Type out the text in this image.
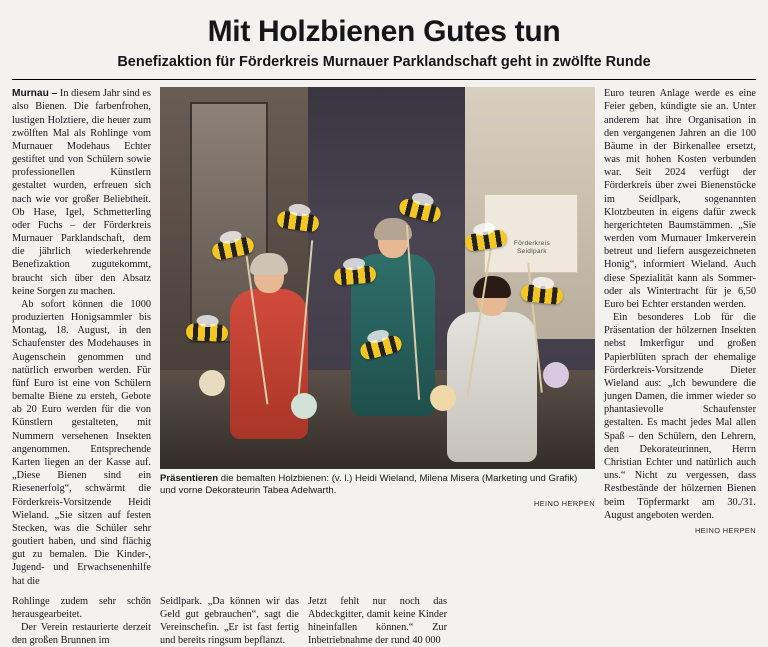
Mit Holzbienen Gutes tun
Benefizaktion für Förderkreis Murnauer Parklandschaft geht in zwölfte Runde

Murnau – In diesem Jahr sind es also Bienen. Die farbenfrohen, lustigen Holztiere, die heuer zum zwölften Mal als Rohlinge vom Murnauer Modehaus Echter gestiftet und von Schülern sowie professionellen Künstlern gestaltet wurden, erfreuen sich nach wie vor großer Beliebtheit. Ob Hase, Igel, Schmetterling oder Fuchs – der Förderkreis Murnauer Parklandschaft, dem die jährlich wiederkehrende Benefizaktion zugutekommt, braucht sich über den Absatz keine Sorgen zu machen.

Ab sofort können die 1000 produzierten Honigsammler bis Montag, 18. August, in den Schaufenster des Modehauses in Augenschein genommen und natürlich erworben werden. Für fünf Euro ist eine von Schülern bemalte Biene zu ersteh, Gebote ab 20 Euro werden für die von Künstlern gestalteten, mit Nummern versehenen Insekten angenommen. Entsprechende Karten liegen an der Kasse auf. „Diese Bienen sind ein Riesenerfolg“, schwärmt die Förderkreis-Vorsitzende Heidi Wieland. „Sie sitzen auf festen Stecken, was die Schüler sehr goutiert haben, und sind flächig gut zu bemalen. Die Kinder-, Jugend- und Erwachsenenhilfe hat die

Förderkreis
Seidlpark
Präsentieren die bemalten Holzbienen: (v. l.) Heidi Wieland, Milena Misera (Marketing und Grafik) und vorne Dekorateurin Tabea Adelwarth.
HEINO HERPEN

Euro teuren Anlage werde es eine Feier geben, kündigte sie an. Unter anderem hat ihre Organisation in den vergangenen Jahren an die 100 Bäume in der Birkenallee ersetzt, was mit hohen Kosten verbunden war. Seit 2024 verfügt der Förderkreis über zwei Bienenstöcke im Seidlpark, sogenannten Klotzbeuten in eigens dafür zweck hergerichteten Baumstämmen. „Sie werden vom Murnauer Imkerverein betreut und liefern ausgezeichneten Honig“, informiert Wieland. Auch diese Spezialität kann als Sommer- oder als Wintertracht für je 6,50 Euro bei Echter erstanden werden.

Ein besonderes Lob für die Präsentation der hölzernen Insekten nebst Imkerfigur und großen Papierblüten sprach der ehemalige Förderkreis-Vorsitzende Dieter Wieland aus: „Ich bewundere die jungen Damen, die immer wieder so phantasievolle Schaufenster gestalten. Es macht jedes Mal allen Spaß – den Schülern, den Lehrern, den Dekorateurinnen, Herrn Christian Echter und natürlich auch uns.“ Nicht zu vergessen, dass Restbestände der hölzernen Bienen beim Töpfermarkt am 30./31. August angeboten werden.

HEINO HERPEN

Rohlinge zudem sehr schön herausgearbeitet.

Der Verein restaurierte derzeit den großen Brunnen im

Seidlpark. „Da können wir das Geld gut gebrauchen“, sagt die Vereinschefin. „Er ist fast fertig und bereits ringsum bepflanzt.

Jetzt fehlt nur noch das Abdeckgitter, damit keine Kinder hineinfallen können.“ Zur Inbetriebnahme der rund 40 000
